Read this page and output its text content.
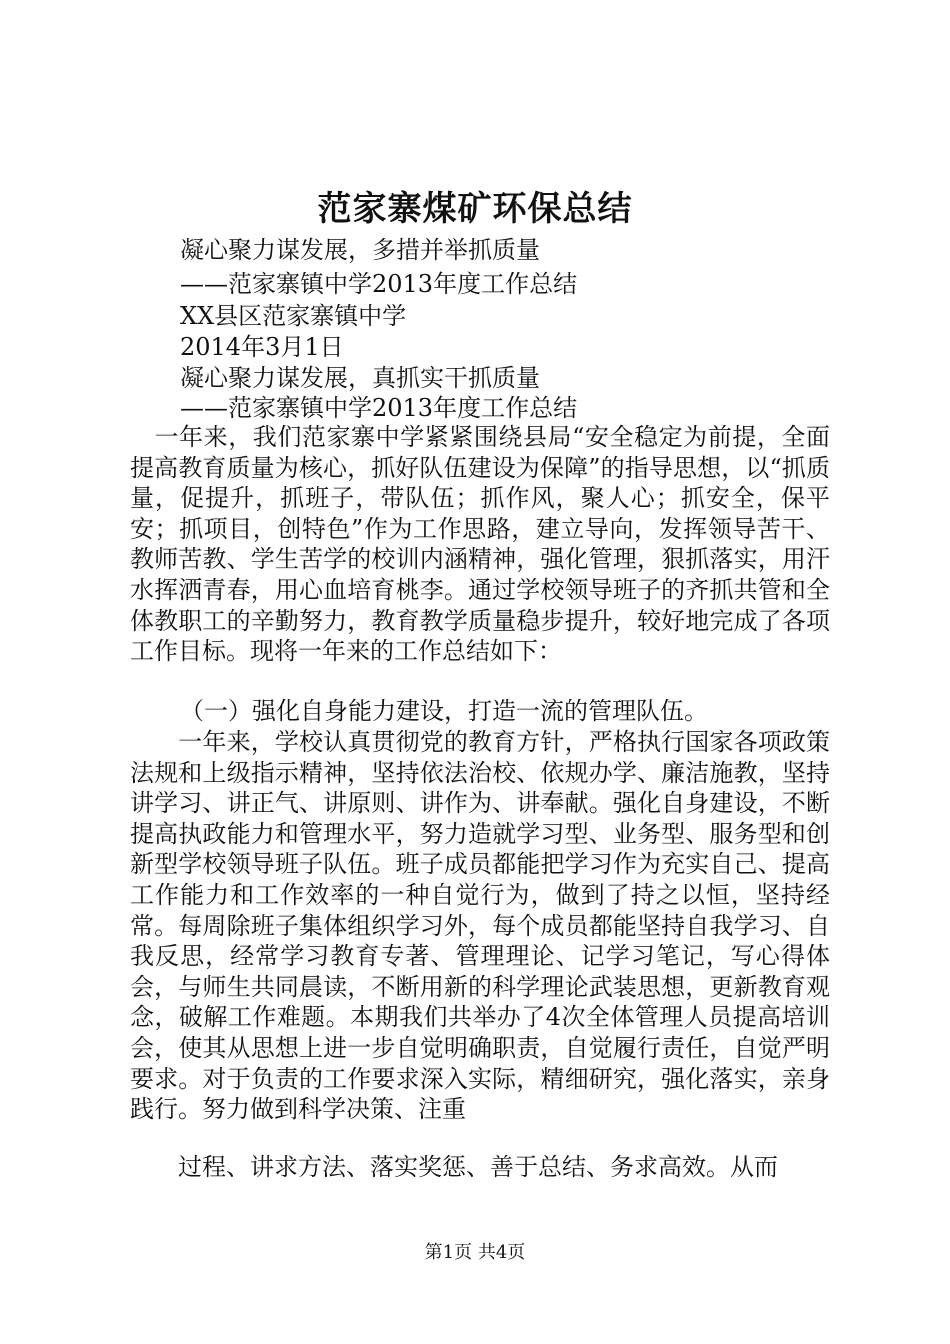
范家寨煤矿环保总结

凝心聚力谋发展，多措并举抓质量

——范家寨镇中学2013年度工作总结

XX县区范家寨镇中学

2014年3月1日

凝心聚力谋发展，真抓实干抓质量

——范家寨镇中学2013年度工作总结

　一年来，我们范家寨中学紧紧围绕县局“安全稳定为前提，全面提高教育质量为核心，抓好队伍建设为保障”的指导思想，以“抓质量，促提升，抓班子，带队伍；抓作风，聚人心；抓安全，保平安；抓项目，创特色”作为工作思路，建立导向，发挥领导苦干、教师苦教、学生苦学的校训内涵精神，强化管理，狠抓落实，用汗水挥洒青春，用心血培育桃李。通过学校领导班子的齐抓共管和全体教职工的辛勤努力，教育教学质量稳步提升，较好地完成了各项工作目标。现将一年来的工作总结如下：

（一）强化自身能力建设，打造一流的管理队伍。

　　一年来，学校认真贯彻党的教育方针，严格执行国家各项政策法规和上级指示精神，坚持依法治校、依规办学、廉洁施教，坚持讲学习、讲正气、讲原则、讲作为、讲奉献。强化自身建设，不断提高执政能力和管理水平，努力造就学习型、业务型、服务型和创新型学校领导班子队伍。班子成员都能把学习作为充实自己、提高工作能力和工作效率的一种自觉行为，做到了持之以恒，坚持经常。每周除班子集体组织学习外，每个成员都能坚持自我学习、自我反思，经常学习教育专著、管理理论、记学习笔记，写心得体会，与师生共同晨读，不断用新的科学理论武装思想，更新教育观念，破解工作难题。本期我们共举办了4次全体管理人员提高培训会，使其从思想上进一步自觉明确职责，自觉履行责任，自觉严明要求。对于负责的工作要求深入实际，精细研究，强化落实，亲身践行。努力做到科学决策、注重

　　过程、讲求方法、落实奖惩、善于总结、务求高效。从而

第1页 共4页
